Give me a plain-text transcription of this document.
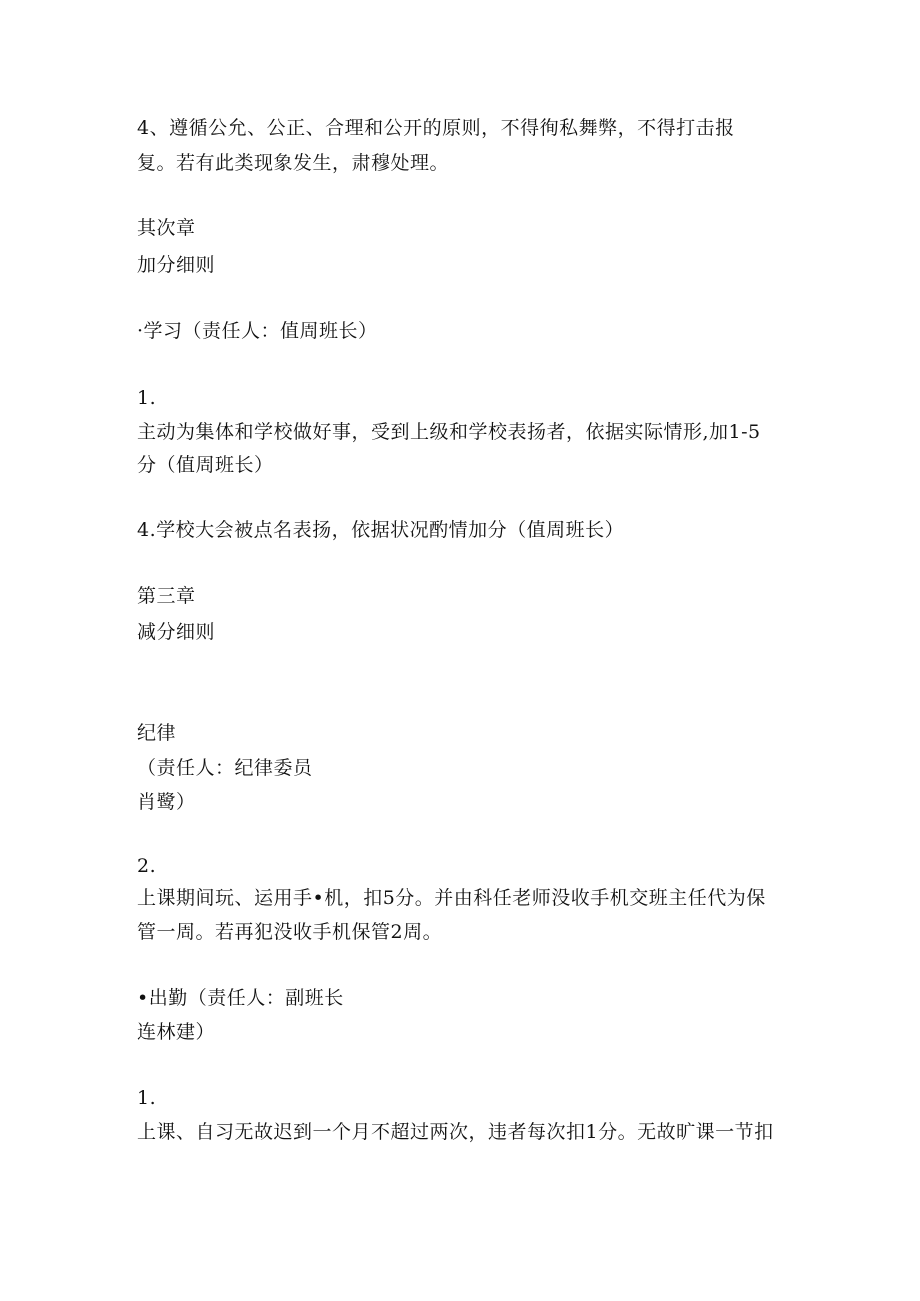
4、遵循公允、公正、合理和公开的原则，不得徇私舞弊，不得打击报
复。若有此类现象发生，肃穆处理。
其次章
加分细则
·学习（责任人：值周班长）
1.
主动为集体和学校做好事，受到上级和学校表扬者，依据实际情形,加1-5
分（值周班长）
4.学校大会被点名表扬，依据状况酌情加分（值周班长）
第三章
减分细则
纪律
（责任人：纪律委员
肖鹭）
2.
上课期间玩、运用手•机，扣5分。并由科任老师没收手机交班主任代为保
管一周。若再犯没收手机保管2周。
•出勤（责任人：副班长
连林建）
1.
上课、自习无故迟到一个月不超过两次，违者每次扣1分。无故旷课一节扣
